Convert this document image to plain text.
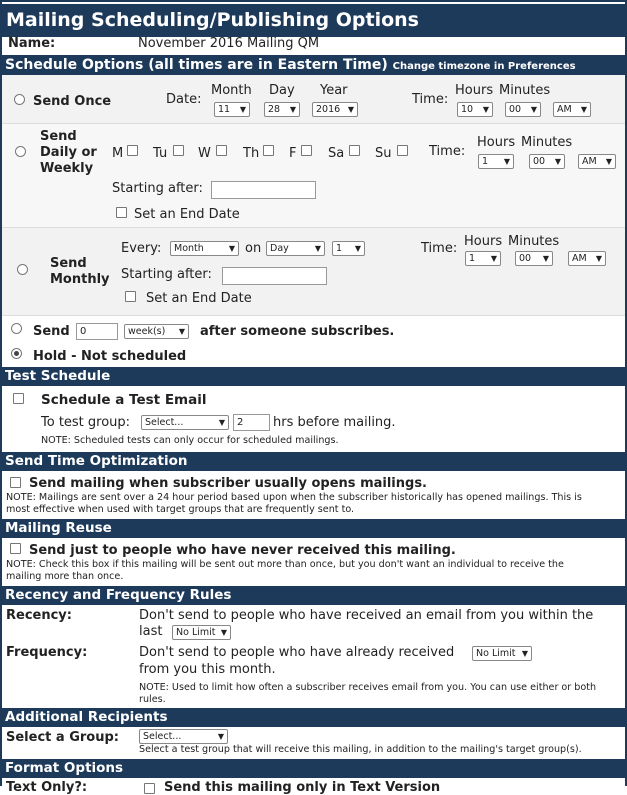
Mailing Scheduling/Publishing Options
Name:	November 2016 Mailing QM
Schedule Options (all times are in Eastern Time) Change timezone in Preferences
Send Once	Date:
Month Day Year
11 ▼	28 ▼	2016 ▼
Time:
Hours Minutes
10 ▼	00 ▼	AM ▼
Send
Daily or
Weekly
M Tu W Th F Sa Su	Time:
Hours Minutes
1 ▼	00 ▼	AM ▼
Starting after:
Set an End Date
Send
Monthly
Every:	Month ▼	on Day ▼	1 ▼	Time: Hours Minutes
1 ▼	00 ▼	AM ▼
Starting after:
Set an End Date
Send	0	week(s) ▼	after someone subscribes.
Hold - Not scheduled
Test Schedule
Schedule a Test Email
To test group:	Select... ▼	2	hrs before mailing.
NOTE: Scheduled tests can only occur for scheduled mailings.
Send Time Optimization
Send mailing when subscriber usually opens mailings.
NOTE: Mailings are sent over a 24 hour period based upon when the subscriber historically has opened mailings. This is
most effective when used with target groups that are frequently sent to.
Mailing Reuse
Send just to people who have never received this mailing.
NOTE: Check this box if this mailing will be sent out more than once, but you don't want an individual to receive the
mailing more than once.
Recency and Frequency Rules
Recency:	Don't send to people who have received an email from you within the
last	No Limit ▼
Frequency:	Don't send to people who have already received	No Limit ▼
from you this month.
NOTE: Used to limit how often a subscriber receives email from you. You can use either or both
rules.
Additional Recipients
Select a Group:	Select... ▼
Select a test group that will receive this mailing, in addition to the mailing's target group(s).
Format Options
Text Only?:	Send this mailing only in Text Version
